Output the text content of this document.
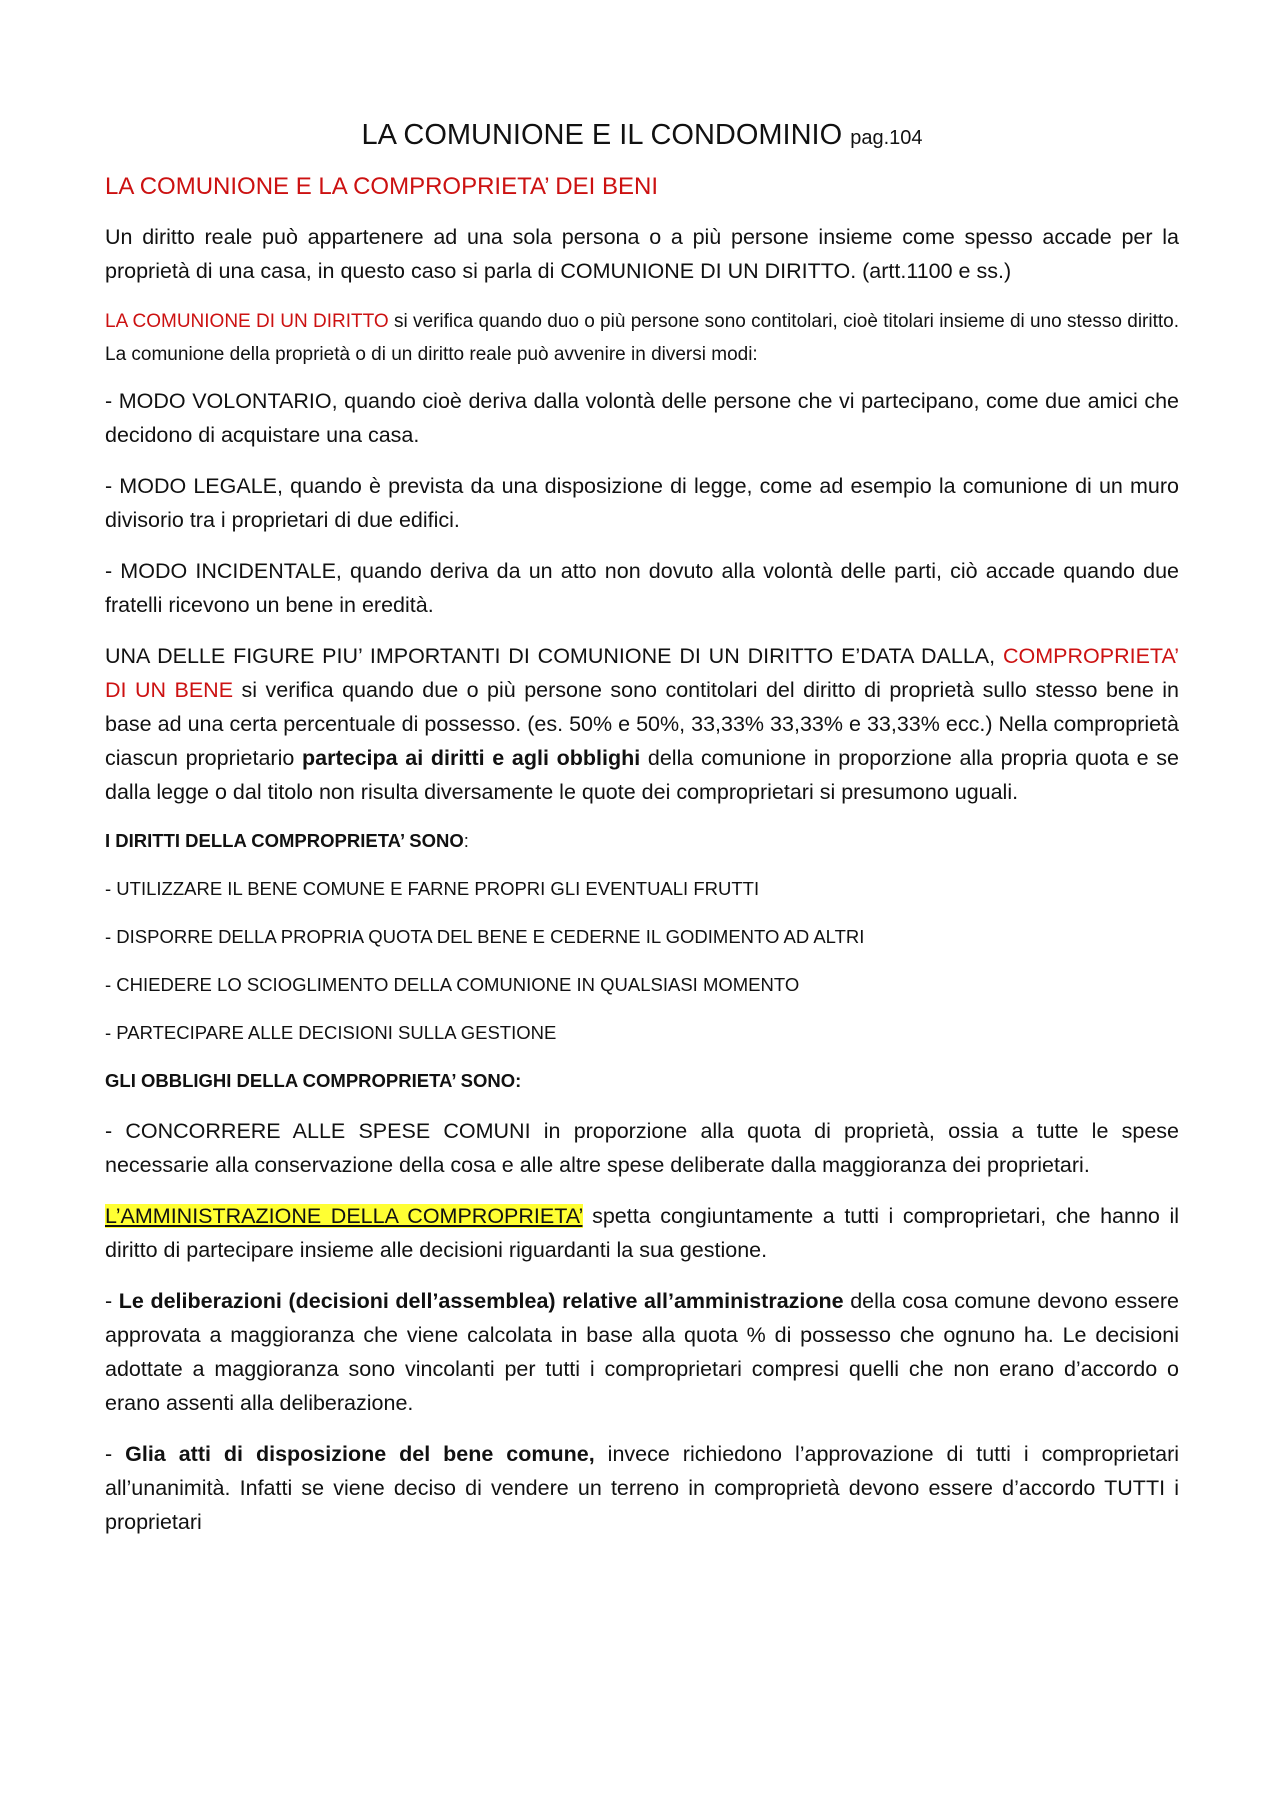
LA COMUNIONE E IL CONDOMINIO pag.104
LA COMUNIONE E LA COMPROPRIETA’ DEI BENI

Un diritto reale può appartenere ad una sola persona o a più persone insieme come spesso accade per la proprietà di una casa, in questo caso si parla di COMUNIONE DI UN DIRITTO. (artt.1100 e ss.)

LA COMUNIONE DI UN DIRITTO si verifica quando duo o più persone sono contitolari, cioè titolari insieme di uno stesso diritto. La comunione della proprietà o di un diritto reale può avvenire in diversi modi:

- MODO VOLONTARIO, quando cioè deriva dalla volontà delle persone che vi partecipano, come due amici che decidono di acquistare una casa.

- MODO LEGALE, quando è prevista da una disposizione di legge, come ad esempio la comunione di un muro divisorio tra i proprietari di due edifici.

- MODO INCIDENTALE, quando deriva da un atto non dovuto alla volontà delle parti, ciò accade quando due fratelli ricevono un bene in eredità.

UNA DELLE FIGURE PIU’ IMPORTANTI DI COMUNIONE DI UN DIRITTO E’DATA DALLA, COMPROPRIETA’ DI UN BENE si verifica quando due o più persone sono contitolari del diritto di proprietà sullo stesso bene in base ad una certa percentuale di possesso. (es. 50% e 50%, 33,33% 33,33% e 33,33% ecc.) Nella comproprietà ciascun proprietario partecipa ai diritti e agli obblighi della comunione in proporzione alla propria quota e se dalla legge o dal titolo non risulta diversamente le quote dei comproprietari si presumono uguali.

I DIRITTI DELLA COMPROPRIETA’ SONO:

- UTILIZZARE IL BENE COMUNE E FARNE PROPRI GLI EVENTUALI FRUTTI

- DISPORRE DELLA PROPRIA QUOTA DEL BENE E CEDERNE IL GODIMENTO AD ALTRI

- CHIEDERE LO SCIOGLIMENTO DELLA COMUNIONE IN QUALSIASI MOMENTO

- PARTECIPARE ALLE DECISIONI SULLA GESTIONE

GLI OBBLIGHI DELLA COMPROPRIETA’ SONO:

- CONCORRERE ALLE SPESE COMUNI in proporzione alla quota di proprietà, ossia a tutte le spese necessarie alla conservazione della cosa e alle altre spese deliberate dalla maggioranza dei proprietari.

L’AMMINISTRAZIONE DELLA COMPROPRIETA’ spetta congiuntamente a tutti i comproprietari, che hanno il diritto di partecipare insieme alle decisioni riguardanti la sua gestione.

- Le deliberazioni (decisioni dell’assemblea) relative all’amministrazione della cosa comune devono essere approvata a maggioranza che viene calcolata in base alla quota % di possesso che ognuno ha. Le decisioni adottate a maggioranza sono vincolanti per tutti i comproprietari compresi quelli che non erano d’accordo o erano assenti alla deliberazione.

- Glia atti di disposizione del bene comune, invece richiedono l’approvazione di tutti i comproprietari all’unanimità. Infatti se viene deciso di vendere un terreno in comproprietà devono essere d’accordo TUTTI i proprietari
